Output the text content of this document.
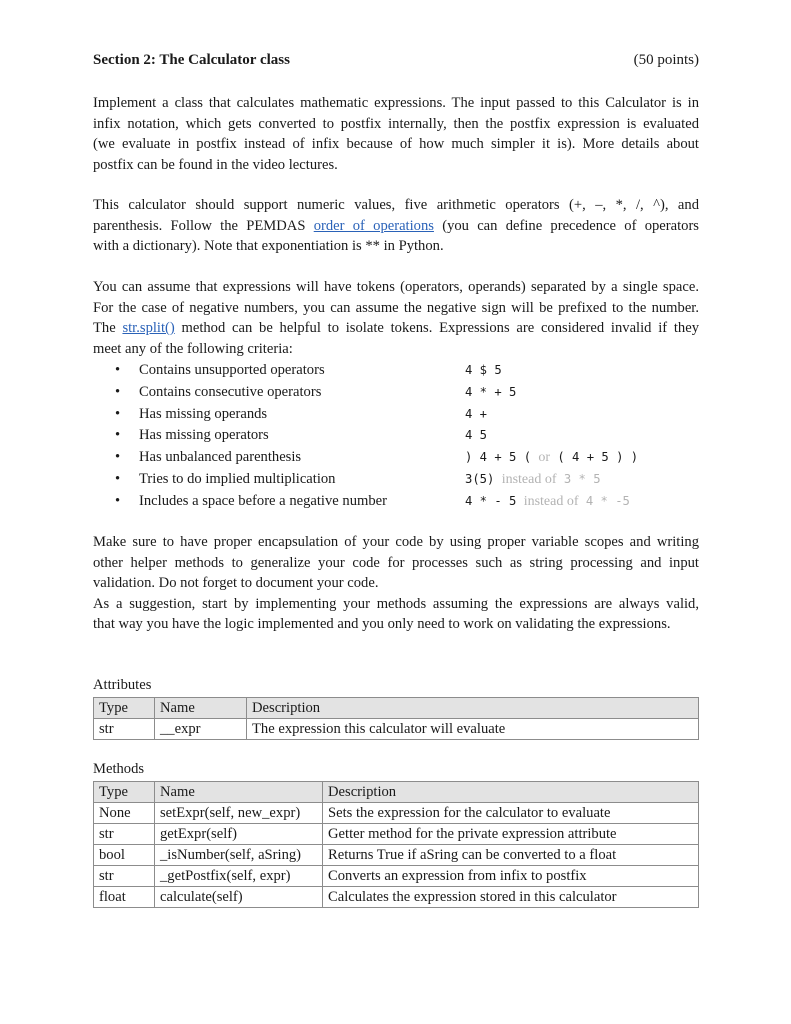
Section 2: The Calculator class	(50 points)

Implement a class that calculates mathematic expressions. The input passed to this Calculator is in
infix notation, which gets converted to postfix internally, then the postfix expression is evaluated
(we evaluate in postfix instead of infix because of how much simpler it is). More details about
postfix can be found in the video lectures.

This calculator should support numeric values, five arithmetic operators (+, –, *, /, ^), and
parenthesis. Follow the PEMDAS order of operations (you can define precedence of operators
with a dictionary). Note that exponentiation is ** in Python.

You can assume that expressions will have tokens (operators, operands) separated by a single space.
For the case of negative numbers, you can assume the negative sign will be prefixed to the number.
The str.split() method can be helpful to isolate tokens. Expressions are considered invalid if they
meet any of the following criteria:

• Contains unsupported operators	4 $ 5
• Contains consecutive operators	4 * + 5
• Has missing operands	4 +
• Has missing operators	4 5
• Has unbalanced parenthesis	) 4 + 5 ( or ( 4 + 5 ) )
• Tries to do implied multiplication	3(5) instead of 3 * 5
• Includes a space before a negative number	4 * - 5 instead of 4 * -5

Make sure to have proper encapsulation of your code by using proper variable scopes and writing
other helper methods to generalize your code for processes such as string processing and input
validation. Do not forget to document your code.
As a suggestion, start by implementing your methods assuming the expressions are always valid,
that way you have the logic implemented and you only need to work on validating the expressions.

Attributes
Type	Name	Description
str	__expr	The expression this calculator will evaluate
Methods
Type	Name	Description
None	setExpr(self, new_expr)	Sets the expression for the calculator to evaluate
str	getExpr(self)	Getter method for the private expression attribute
bool	_isNumber(self, aSring)	Returns True if aSring can be converted to a float
str	_getPostfix(self, expr)	Converts an expression from infix to postfix
float	calculate(self)	Calculates the expression stored in this calculator
